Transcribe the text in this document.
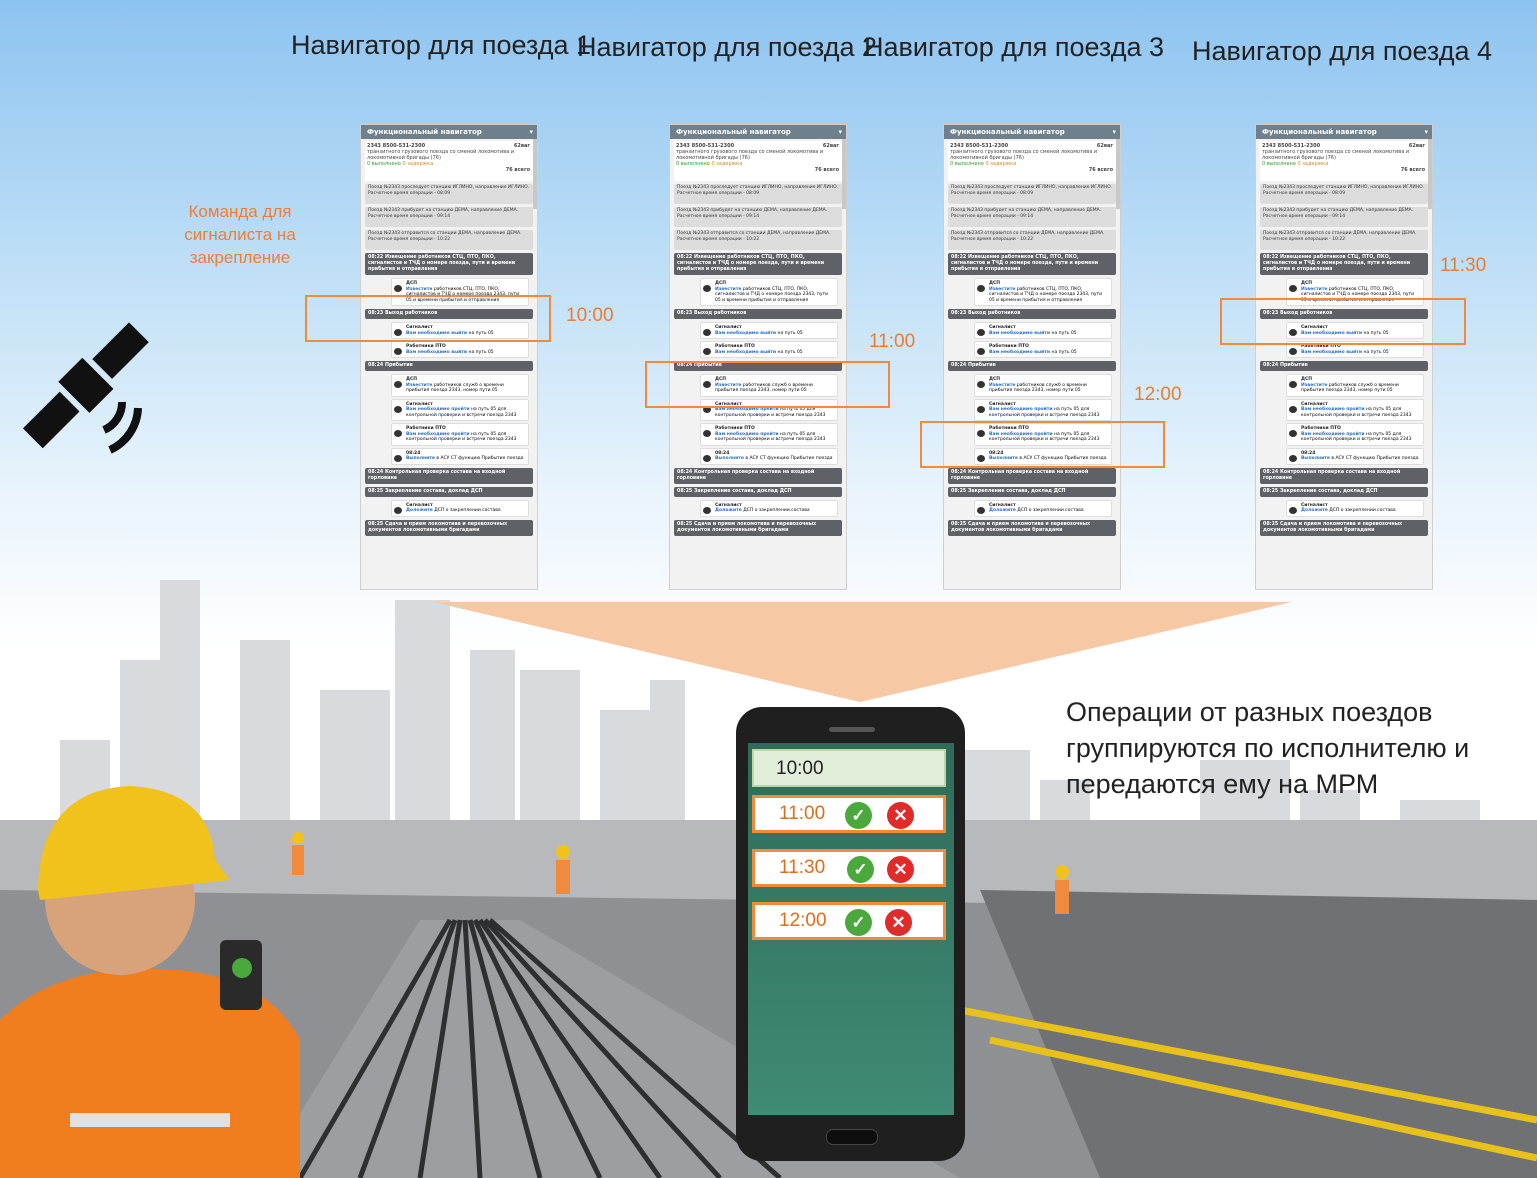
Навигатор для поезда 1
Навигатор для поезда 2
Навигатор для поезда 3 Навигатор для поезда 4
Функциональный навигатор	▾
2343 8500-531-2300	62ваг
транзитного грузового поезда со сменой локомотива и локомотивной бригады (76)
0 выполнено 0 задержка
76 всего
Поезд №2343 проследует станцию ИГЛИНО, направление ИГЛИНО. Расчетное время операции - 08:09
Поезд №2343 прибудет на станцию ДЕМА, направление ДЕМА. Расчетное время операции - 09:14
Поезд №2343 отправится со станции ДЕМА, направление ДЕМА. Расчетное время операции - 10:22
08:22 Извещение работников СТЦ, ПТО, ПКО, сигналистов и ТЧД о номере поезда, пути и времени прибытия и отправления
ДСП
Известите работников СТЦ, ПТО, ПКО, сигналистов и ТЧД о номере поезда 2343, пути 05 и времени прибытия и отправления
08:23 Выход работников
Сигналист
Вам необходимо выйти на путь 05
Работники ПТО
Вам необходимо выйти на путь 05
08:24 Прибытие
ДСП
Известите работников служб о времени прибытия поезда 2343, номер пути 05
Сигналист
Вам необходимо пройти на путь 05 для контрольной проверки и встречи поезда 2343
Работники ПТО
Вам необходимо пройти на путь 05 для контрольной проверки и встречи поезда 2343
08:24
Выполните в АСУ СТ функцию Прибытие поезда
08:24 Контрольная проверка состава на входной горловине
08:25 Закрепление состава, доклад ДСП
Сигналист
Доложите ДСП о закреплении состава
08:25 Сдача и прием локомотива и перевозочных документов локомотивными бригадами
Функциональный навигатор	▾
2343 8500-531-2300	62ваг
транзитного грузового поезда со сменой локомотива и локомотивной бригады (76)
0 выполнено 0 задержка
76 всего
Поезд №2343 проследует станцию ИГЛИНО, направление ИГЛИНО. Расчетное время операции - 08:09
Поезд №2343 прибудет на станцию ДЕМА, направление ДЕМА. Расчетное время операции - 09:14
Поезд №2343 отправится со станции ДЕМА, направление ДЕМА. Расчетное время операции - 10:22
08:22 Извещение работников СТЦ, ПТО, ПКО, сигналистов и ТЧД о номере поезда, пути и времени прибытия и отправления
ДСП
Известите работников СТЦ, ПТО, ПКО, сигналистов и ТЧД о номере поезда 2343, пути 05 и времени прибытия и отправления
08:23 Выход работников
Сигналист
Вам необходимо выйти на путь 05
Работники ПТО
Вам необходимо выйти на путь 05
08:24 Прибытие
ДСП
Известите работников служб о времени прибытия поезда 2343, номер пути 05
Сигналист
Вам необходимо пройти на путь 05 для контрольной проверки и встречи поезда 2343
Работники ПТО
Вам необходимо пройти на путь 05 для контрольной проверки и встречи поезда 2343
08:24
Выполните в АСУ СТ функцию Прибытие поезда
08:24 Контрольная проверка состава на входной горловине
08:25 Закрепление состава, доклад ДСП
Сигналист
Доложите ДСП о закреплении состава
08:25 Сдача и прием локомотива и перевозочных документов локомотивными бригадами
Функциональный навигатор	▾
2343 8500-531-2300	62ваг
транзитного грузового поезда со сменой локомотива и локомотивной бригады (76)
0 выполнено 0 задержка
76 всего
Поезд №2343 проследует станцию ИГЛИНО, направление ИГЛИНО. Расчетное время операции - 08:09
Поезд №2343 прибудет на станцию ДЕМА, направление ДЕМА. Расчетное время операции - 09:14
Поезд №2343 отправится со станции ДЕМА, направление ДЕМА. Расчетное время операции - 10:22
08:22 Извещение работников СТЦ, ПТО, ПКО, сигналистов и ТЧД о номере поезда, пути и времени прибытия и отправления
ДСП
Известите работников СТЦ, ПТО, ПКО, сигналистов и ТЧД о номере поезда 2343, пути 05 и времени прибытия и отправления
08:23 Выход работников
Сигналист
Вам необходимо выйти на путь 05
Работники ПТО
Вам необходимо выйти на путь 05
08:24 Прибытие
ДСП
Известите работников служб о времени прибытия поезда 2343, номер пути 05
Сигналист
Вам необходимо пройти на путь 05 для контрольной проверки и встречи поезда 2343
Работники ПТО
Вам необходимо пройти на путь 05 для контрольной проверки и встречи поезда 2343
08:24
Выполните в АСУ СТ функцию Прибытие поезда
08:24 Контрольная проверка состава на входной горловине
08:25 Закрепление состава, доклад ДСП
Сигналист
Доложите ДСП о закреплении состава
08:25 Сдача и прием локомотива и перевозочных документов локомотивными бригадами
Функциональный навигатор	▾
2343 8500-531-2300	62ваг
транзитного грузового поезда со сменой локомотива и локомотивной бригады (76)
0 выполнено 0 задержка
76 всего
Поезд №2343 проследует станцию ИГЛИНО, направление ИГЛИНО. Расчетное время операции - 08:09
Поезд №2343 прибудет на станцию ДЕМА, направление ДЕМА. Расчетное время операции - 09:14
Поезд №2343 отправится со станции ДЕМА, направление ДЕМА. Расчетное время операции - 10:22
08:22 Извещение работников СТЦ, ПТО, ПКО, сигналистов и ТЧД о номере поезда, пути и времени прибытия и отправления
ДСП
Известите работников СТЦ, ПТО, ПКО, сигналистов и ТЧД о номере поезда 2343, пути 05 и времени прибытия и отправления
08:23 Выход работников
Сигналист
Вам необходимо выйти на путь 05
Работники ПТО
Вам необходимо выйти на путь 05
08:24 Прибытие
ДСП
Известите работников служб о времени прибытия поезда 2343, номер пути 05
Сигналист
Вам необходимо пройти на путь 05 для контрольной проверки и встречи поезда 2343
Работники ПТО
Вам необходимо пройти на путь 05 для контрольной проверки и встречи поезда 2343
08:24
Выполните в АСУ СТ функцию Прибытие поезда
08:24 Контрольная проверка состава на входной горловине
08:25 Закрепление состава, доклад ДСП
Сигналист
Доложите ДСП о закреплении состава
08:25 Сдача и прием локомотива и перевозочных документов локомотивными бригадами
Команда для сигналиста на закрепление
10:00
11:00
12:00
11:30
Операции от разных поездов группируются по исполнителю и передаются ему на МРМ
10:00
11:00	✓	✕
11:30	✓	✕
12:00	✓	✕
